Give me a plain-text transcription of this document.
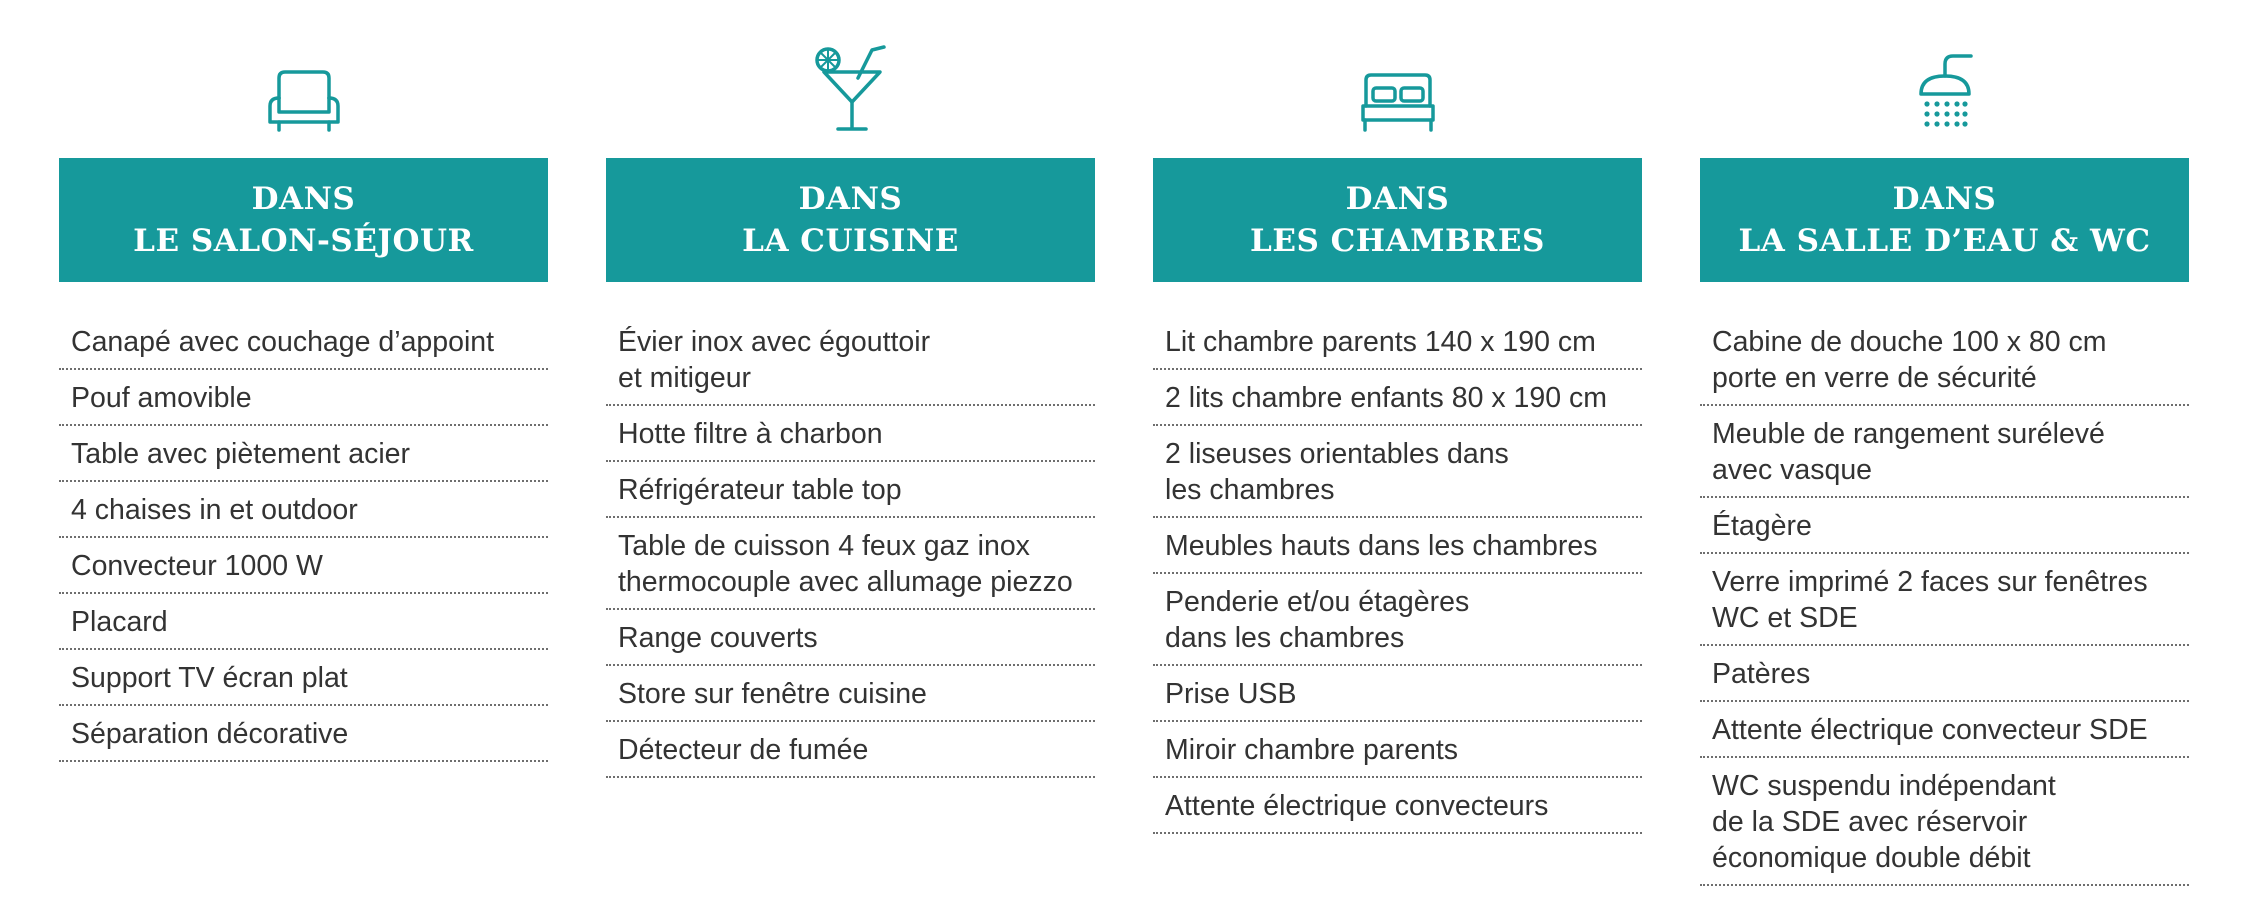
DANS
LE SALON-SÉJOUR
Canapé avec couchage d’appoint
Pouf amovible
Table avec piètement acier
4 chaises in et outdoor
Convecteur 1000 W
Placard
Support TV écran plat
Séparation décorative
DANS
LA CUISINE
Évier inox avec égouttoir
et mitigeur
Hotte filtre à charbon
Réfrigérateur table top
Table de cuisson 4 feux gaz inox
thermocouple avec allumage piezzo
Range couverts
Store sur fenêtre cuisine
Détecteur de fumée
DANS
LES CHAMBRES
Lit chambre parents 140 x 190 cm
2 lits chambre enfants 80 x 190 cm
2 liseuses orientables dans
les chambres
Meubles hauts dans les chambres
Penderie et/ou étagères
dans les chambres
Prise USB
Miroir chambre parents
Attente électrique convecteurs
DANS
LA SALLE D’EAU & WC
Cabine de douche 100 x 80 cm
porte en verre de sécurité
Meuble de rangement surélevé
avec vasque
Étagère
Verre imprimé 2 faces sur fenêtres
WC et SDE
Patères
Attente électrique convecteur SDE
WC suspendu indépendant
de la SDE avec réservoir
économique double débit
